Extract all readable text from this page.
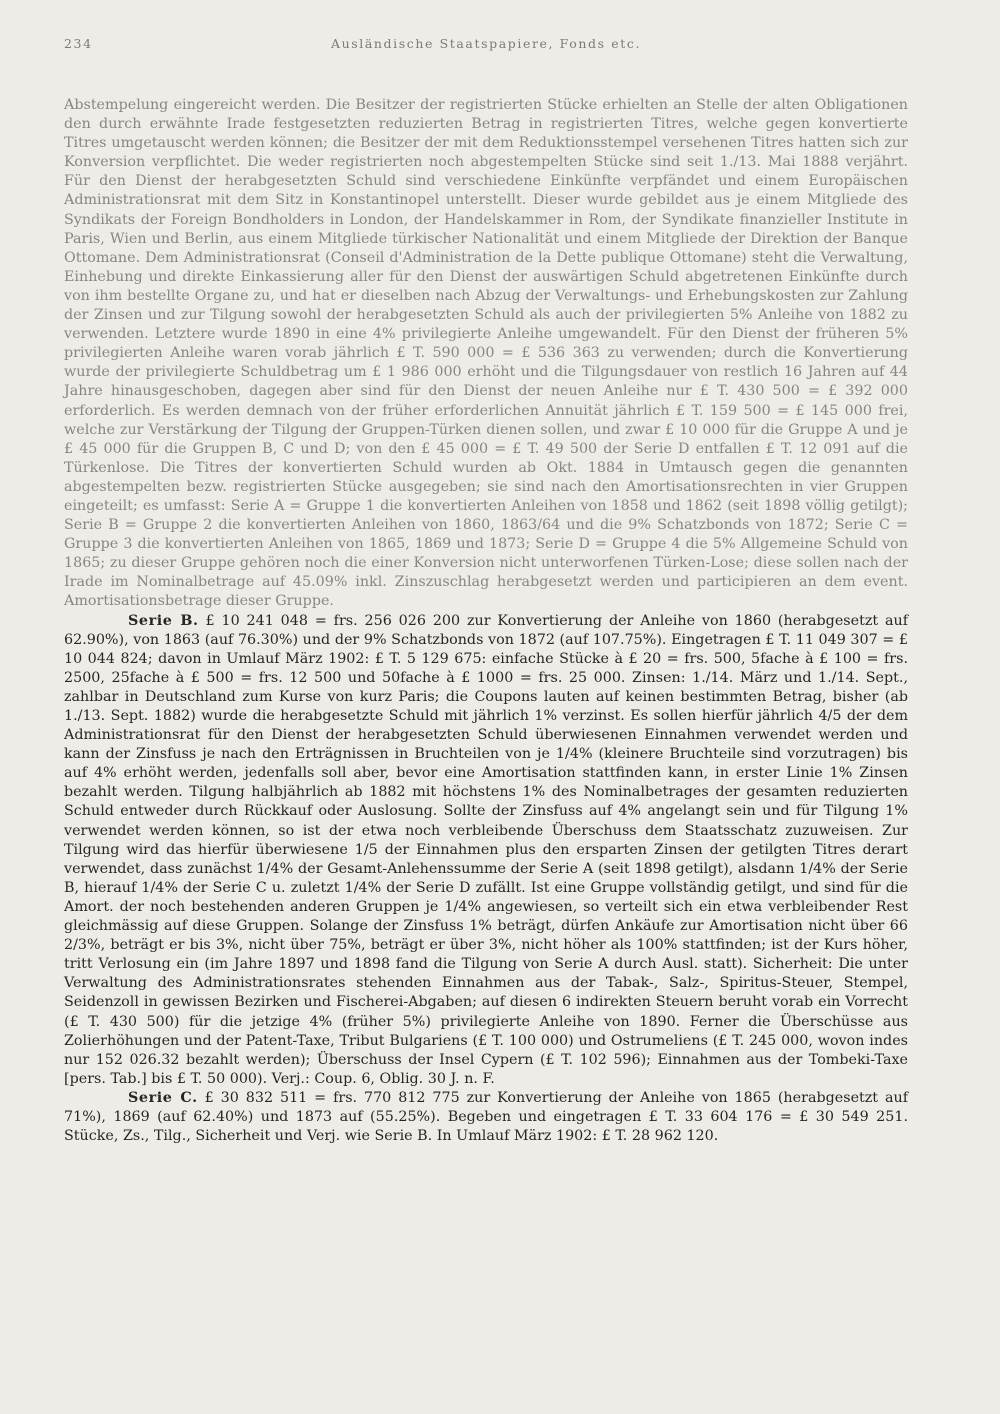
234	Ausländische Staatspapiere, Fonds etc.

Abstempelung eingereicht werden. Die Besitzer der registrierten Stücke erhielten an Stelle der alten Obligationen den durch erwähnte Irade festgesetzten reduzierten Betrag in registrierten Titres, welche gegen konvertierte Titres umgetauscht werden können; die Besitzer der mit dem Reduktionsstempel versehenen Titres hatten sich zur Konversion verpflichtet. Die weder registrierten noch abgestempelten Stücke sind seit 1./13. Mai 1888 verjährt. Für den Dienst der herabgesetzten Schuld sind verschiedene Einkünfte verpfändet und einem Europäischen Administrationsrat mit dem Sitz in Konstantinopel unterstellt. Dieser wurde gebildet aus je einem Mitgliede des Syndikats der Foreign Bondholders in London, der Handelskammer in Rom, der Syndikate finanzieller Institute in Paris, Wien und Berlin, aus einem Mitgliede türkischer Nationalität und einem Mitgliede der Direktion der Banque Ottomane. Dem Administrationsrat (Conseil d'Administration de la Dette publique Ottomane) steht die Verwaltung, Einhebung und direkte Einkassierung aller für den Dienst der auswärtigen Schuld abgetretenen Einkünfte durch von ihm bestellte Organe zu, und hat er dieselben nach Abzug der Verwaltungs- und Erhebungskosten zur Zahlung der Zinsen und zur Tilgung sowohl der herabgesetzten Schuld als auch der privilegierten 5% Anleihe von 1882 zu verwenden. Letztere wurde 1890 in eine 4% privilegierte Anleihe umgewandelt. Für den Dienst der früheren 5% privilegierten Anleihe waren vorab jährlich £ T. 590 000 = £ 536 363 zu verwenden; durch die Konvertierung wurde der privilegierte Schuldbetrag um £ 1 986 000 erhöht und die Tilgungsdauer von restlich 16 Jahren auf 44 Jahre hinausgeschoben, dagegen aber sind für den Dienst der neuen Anleihe nur £ T. 430 500 = £ 392 000 erforderlich. Es werden demnach von der früher erforderlichen Annuität jährlich £ T. 159 500 = £ 145 000 frei, welche zur Verstärkung der Tilgung der Gruppen-Türken dienen sollen, und zwar £ 10 000 für die Gruppe A und je £ 45 000 für die Gruppen B, C und D; von den £ 45 000 = £ T. 49 500 der Serie D entfallen £ T. 12 091 auf die Türkenlose. Die Titres der konvertierten Schuld wurden ab Okt. 1884 in Umtausch gegen die genannten abgestempelten bezw. registrierten Stücke ausgegeben; sie sind nach den Amortisationsrechten in vier Gruppen eingeteilt; es umfasst: Serie A = Gruppe 1 die konvertierten Anleihen von 1858 und 1862 (seit 1898 völlig getilgt); Serie B = Gruppe 2 die konvertierten Anleihen von 1860, 1863/64 und die 9% Schatzbonds von 1872; Serie C = Gruppe 3 die konvertierten Anleihen von 1865, 1869 und 1873; Serie D = Gruppe 4 die 5% Allgemeine Schuld von 1865; zu dieser Gruppe gehören noch die einer Konversion nicht unterworfenen Türken-Lose; diese sollen nach der Irade im Nominalbetrage auf 45.09% inkl. Zinszuschlag herabgesetzt werden und participieren an dem event. Amortisationsbetrage dieser Gruppe.

Serie B. £ 10 241 048 = frs. 256 026 200 zur Konvertierung der Anleihe von 1860 (herabgesetzt auf 62.90%), von 1863 (auf 76.30%) und der 9% Schatzbonds von 1872 (auf 107.75%). Eingetragen £ T. 11 049 307 = £ 10 044 824; davon in Umlauf März 1902: £ T. 5 129 675: einfache Stücke à £ 20 = frs. 500, 5fache à £ 100 = frs. 2500, 25fache à £ 500 = frs. 12 500 und 50fache à £ 1000 = frs. 25 000. Zinsen: 1./14. März und 1./14. Sept., zahlbar in Deutschland zum Kurse von kurz Paris; die Coupons lauten auf keinen bestimmten Betrag, bisher (ab 1./13. Sept. 1882) wurde die herabgesetzte Schuld mit jährlich 1% verzinst. Es sollen hierfür jährlich 4/5 der dem Administrationsrat für den Dienst der herabgesetzten Schuld überwiesenen Einnahmen verwendet werden und kann der Zinsfuss je nach den Erträgnissen in Bruchteilen von je 1/4% (kleinere Bruchteile sind vorzutragen) bis auf 4% erhöht werden, jedenfalls soll aber, bevor eine Amortisation stattfinden kann, in erster Linie 1% Zinsen bezahlt werden. Tilgung halbjährlich ab 1882 mit höchstens 1% des Nominalbetrages der gesamten reduzierten Schuld entweder durch Rückkauf oder Auslosung. Sollte der Zinsfuss auf 4% angelangt sein und für Tilgung 1% verwendet werden können, so ist der etwa noch verbleibende Überschuss dem Staatsschatz zuzuweisen. Zur Tilgung wird das hierfür überwiesene 1/5 der Einnahmen plus den ersparten Zinsen der getilgten Titres derart verwendet, dass zunächst 1/4% der Gesamt-Anlehenssumme der Serie A (seit 1898 getilgt), alsdann 1/4% der Serie B, hierauf 1/4% der Serie C u. zuletzt 1/4% der Serie D zufällt. Ist eine Gruppe vollständig getilgt, und sind für die Amort. der noch bestehenden anderen Gruppen je 1/4% angewiesen, so verteilt sich ein etwa verbleibender Rest gleichmässig auf diese Gruppen. Solange der Zinsfuss 1% beträgt, dürfen Ankäufe zur Amortisation nicht über 66 2/3%, beträgt er bis 3%, nicht über 75%, beträgt er über 3%, nicht höher als 100% stattfinden; ist der Kurs höher, tritt Verlosung ein (im Jahre 1897 und 1898 fand die Tilgung von Serie A durch Ausl. statt). Sicherheit: Die unter Verwaltung des Administrationsrates stehenden Einnahmen aus der Tabak-, Salz-, Spiritus-Steuer, Stempel, Seidenzoll in gewissen Bezirken und Fischerei-Abgaben; auf diesen 6 indirekten Steuern beruht vorab ein Vorrecht (£ T. 430 500) für die jetzige 4% (früher 5%) privilegierte Anleihe von 1890. Ferner die Überschüsse aus Zolierhöhungen und der Patent-Taxe, Tribut Bulgariens (£ T. 100 000) und Ostrumeliens (£ T. 245 000, wovon indes nur 152 026.32 bezahlt werden); Überschuss der Insel Cypern (£ T. 102 596); Einnahmen aus der Tombeki-Taxe [pers. Tab.] bis £ T. 50 000). Verj.: Coup. 6, Oblig. 30 J. n. F.

Serie C. £ 30 832 511 = frs. 770 812 775 zur Konvertierung der Anleihe von 1865 (herabgesetzt auf 71%), 1869 (auf 62.40%) und 1873 auf (55.25%). Begeben und eingetragen £ T. 33 604 176 = £ 30 549 251. Stücke, Zs., Tilg., Sicherheit und Verj. wie Serie B. In Umlauf März 1902: £ T. 28 962 120.
